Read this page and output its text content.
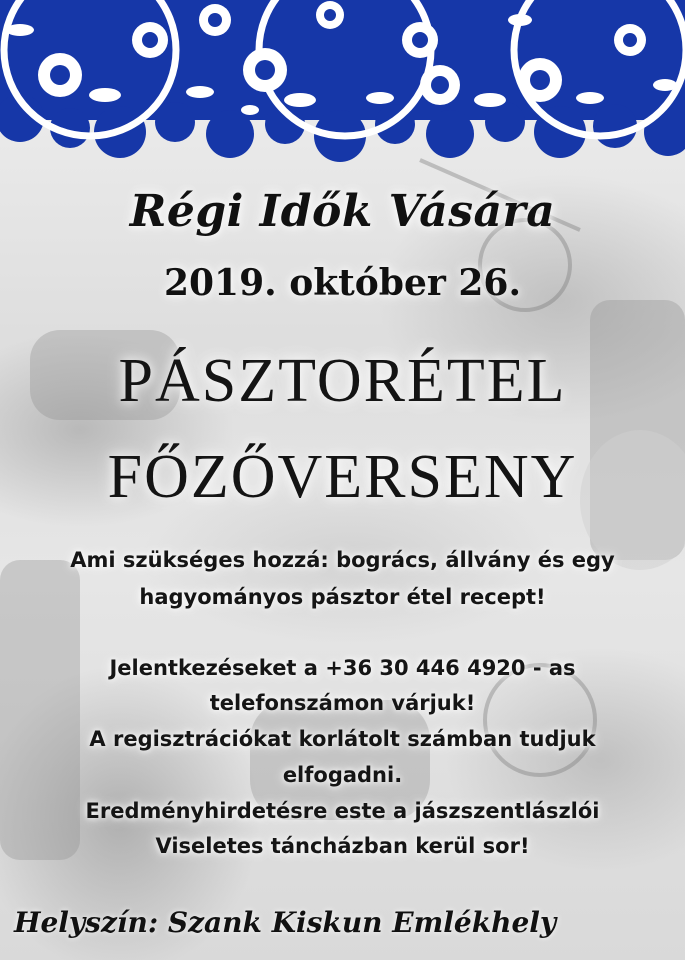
Régi Idők Vására
2019. október 26.
PÁSZTORÉTEL
FŐZŐVERSENY
Ami szükséges hozzá: bogrács, állvány és egy
hagyományos pásztor étel recept!
Jelentkezéseket a +36 30 446 4920 - as
telefonszámon várjuk!
A regisztrációkat korlátolt számban tudjuk
elfogadni.
Eredményhirdetésre este a jászszentlászlói
Viseletes táncházban kerül sor!
Helyszín: Szank Kiskun Emlékhely
